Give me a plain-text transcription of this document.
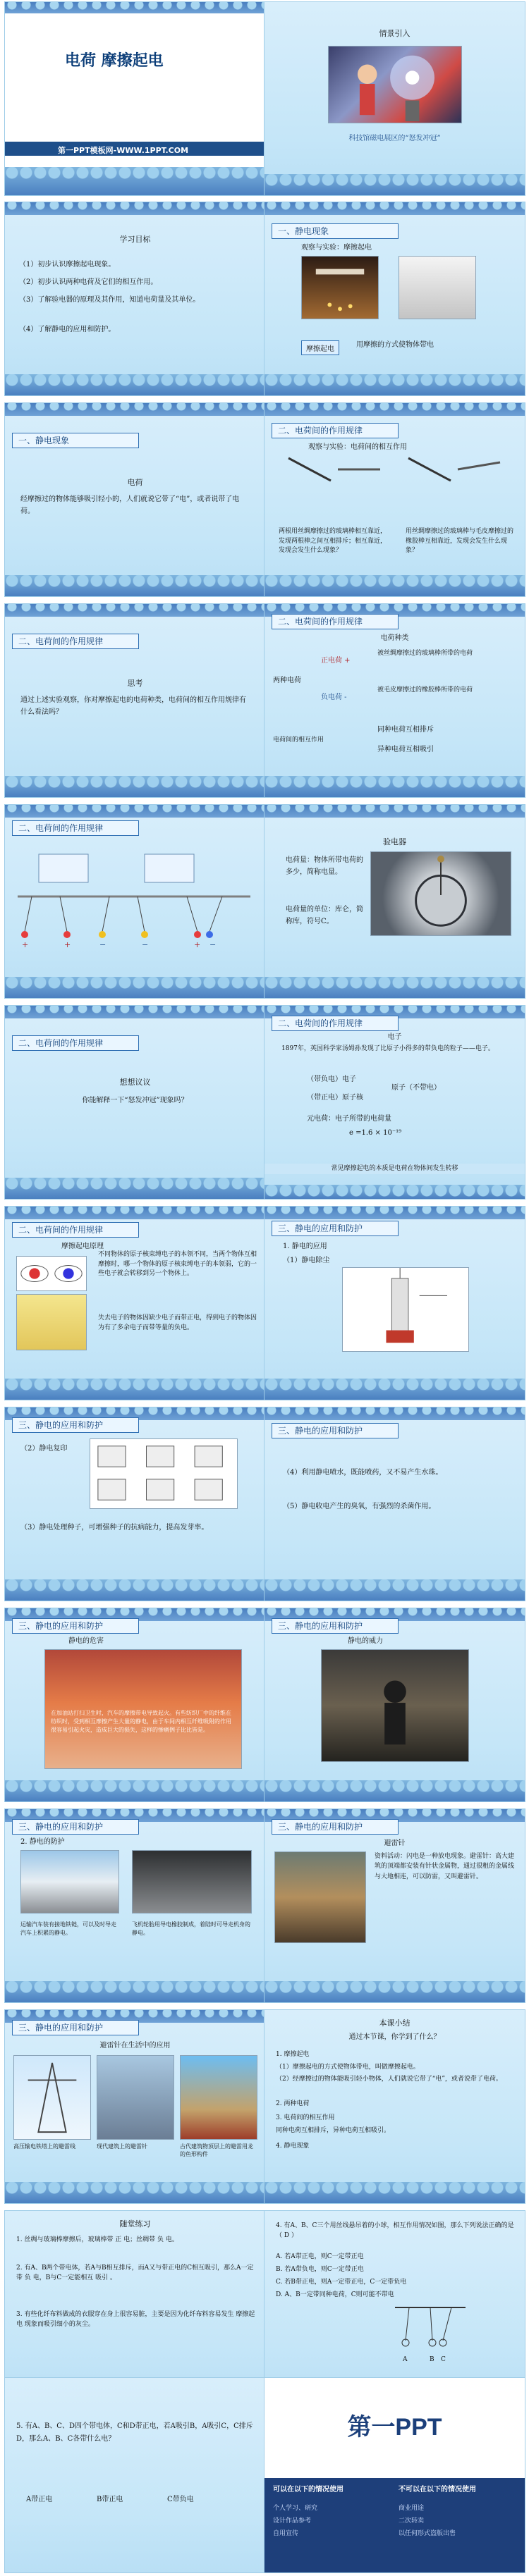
电荷 摩擦起电
第一PPT模板网-WWW.1PPT.COM
情景引入
科技馆磁电展区的“怒发冲冠”
学习目标
（1）初步认识摩擦起电现象。
（2）初步认识两种电荷及它们的相互作用。
（3）了解验电器的原理及其作用，知道电荷量及其单位。
（4）了解静电的应用和防护。
一、静电现象
观察与实验：摩擦起电
摩擦起电
用摩擦的方式使物体带电
一、静电现象
电荷
经摩擦过的物体能够吸引轻小的，人们就说它带了“电”，或者说带了电荷。
二、电荷间的作用规律
观察与实验：电荷间的相互作用
两根用丝绸摩擦过的玻璃棒相互靠近，发现两根棒之间互相排斥；相互靠近，发现会发生什么现象？
用丝绸摩擦过的玻璃棒与毛皮摩擦过的橡胶棒互相靠近，发现会发生什么现象？
二、电荷间的作用规律
思考
通过上述实验观察，你对摩擦起电的电荷种类，电荷间的相互作用规律有什么看法吗？
二、电荷间的作用规律
电荷种类
两种电荷
正电荷 +
被丝绸摩擦过的玻璃棒所带的电荷
负电荷 -
被毛皮摩擦过的橡胶棒所带的电荷
电荷间的相互作用
同种电荷互相排斥
异种电荷互相吸引
二、电荷间的作用规律
+	+	−	−	+ −
验电器
电荷量：物体所带电荷的多少，简称电量。
电荷量的单位：库仑，简称库，符号C。
二、电荷间的作用规律
想想议议
你能解释一下“怒发冲冠”现象吗？
二、电荷间的作用规律
电子
1897年，英国科学家汤姆孙发现了比原子小得多的带负电的粒子——电子。
（带负电）电子
（带正电）原子核
原子（不带电）
元电荷：电子所带的电荷量
e =1.6 × 10⁻¹⁹
常见摩擦起电的本质是电荷在物体间发生转移
二、电荷间的作用规律
摩擦起电原理
不同物体的原子核束缚电子的本领不同，当两个物体互相摩擦时，哪一个物体的原子核束缚电子的本领弱，它的一些电子就会转移到另一个物体上。
失去电子的物体因缺少电子而带正电，得到电子的物体因为有了多余电子而带等量的负电。
三、静电的应用和防护
1. 静电的应用
（1）静电除尘
三、静电的应用和防护
（2）静电复印
（3）静电处理种子，可增强种子的抗病能力，提高发芽率。
三、静电的应用和防护
（4）利用静电喷水，既能喷药，又不易产生水珠。
（5）静电收电产生的臭氧，有强烈的杀菌作用。
三、静电的应用和防护
静电的危害
在加油站打扫卫生时，汽车的摩擦带电导致起火。有些纺织厂中的纤维在纺织时，受到相互摩擦产生大量的静电，由于车间内相互纤维吸附的作用很容易引起火灾，造成巨大的损失，这样的惨痛例子比比皆是。
三、静电的应用和防护
静电的威力
三、静电的应用和防护
2. 静电的防护
运输汽车装有接地铁链，可以及时导走汽车上积累的静电。
飞机轮胎用导电橡胶制成，着陆时可导走机身的静电。
三、静电的应用和防护
避雷针
资料活动：闪电是一种放电现象。避雷针：高大建筑的顶端都安装有针状金属物，通过很粗的金属线与大地相连，可以防雷，又叫避雷针。
三、静电的应用和防护
避雷针在生活中的应用
高压输电铁塔上的避雷线	现代建筑上的避雷针	古代建筑物顶层上的避雷用龙的鱼形构件
本课小结
通过本节课，你学到了什么？
1. 摩擦起电
（1）摩擦起电的方式使物体带电，叫做摩擦起电。
（2）经摩擦过的物体能吸引轻小物体，人们就说它带了“电”，或者说带了电荷。
2. 两种电荷
3. 电荷间的相互作用
同种电荷互相排斥，异种电荷互相吸引。
4. 静电现象
随堂练习
1. 丝绸与玻璃棒摩擦后，玻璃棒带 正 电；丝绸带 负 电。
2. 有A、B两个带电体，若A与B相互排斥，而A又与带正电的C相互吸引，那么A一定带 负 电，B与C一定能相互 吸引 。
3. 有些化纤布料做成的衣服穿在身上很容易脏，主要是因为化纤布料容易发生 摩擦起电 现象而吸引细小的灰尘。
4. 有A、B、C三个用丝线悬吊着的小球，相互作用情况如图，那么下列说法正确的是（ D ）
A. 若A带正电，则C一定带正电
B. 若A带负电，则C一定带正电
C. 若B带正电，则A一定带正电，C一定带负电
D. A、B一定带同种电荷，C则可能不带电
A	B C
5. 有A、B、C、D四个带电体，C和D带正电，若A吸引B，A吸引C，C排斥D，那么A、B、C各带什么电？
A带正电	B带正电	C带负电
第一PPT
可以在以下的情况使用	不可以在以下的情况使用
个人学习、研究
设计作品参考
自用宣传
商业用途
二次转卖
以任何形式盗版出售
